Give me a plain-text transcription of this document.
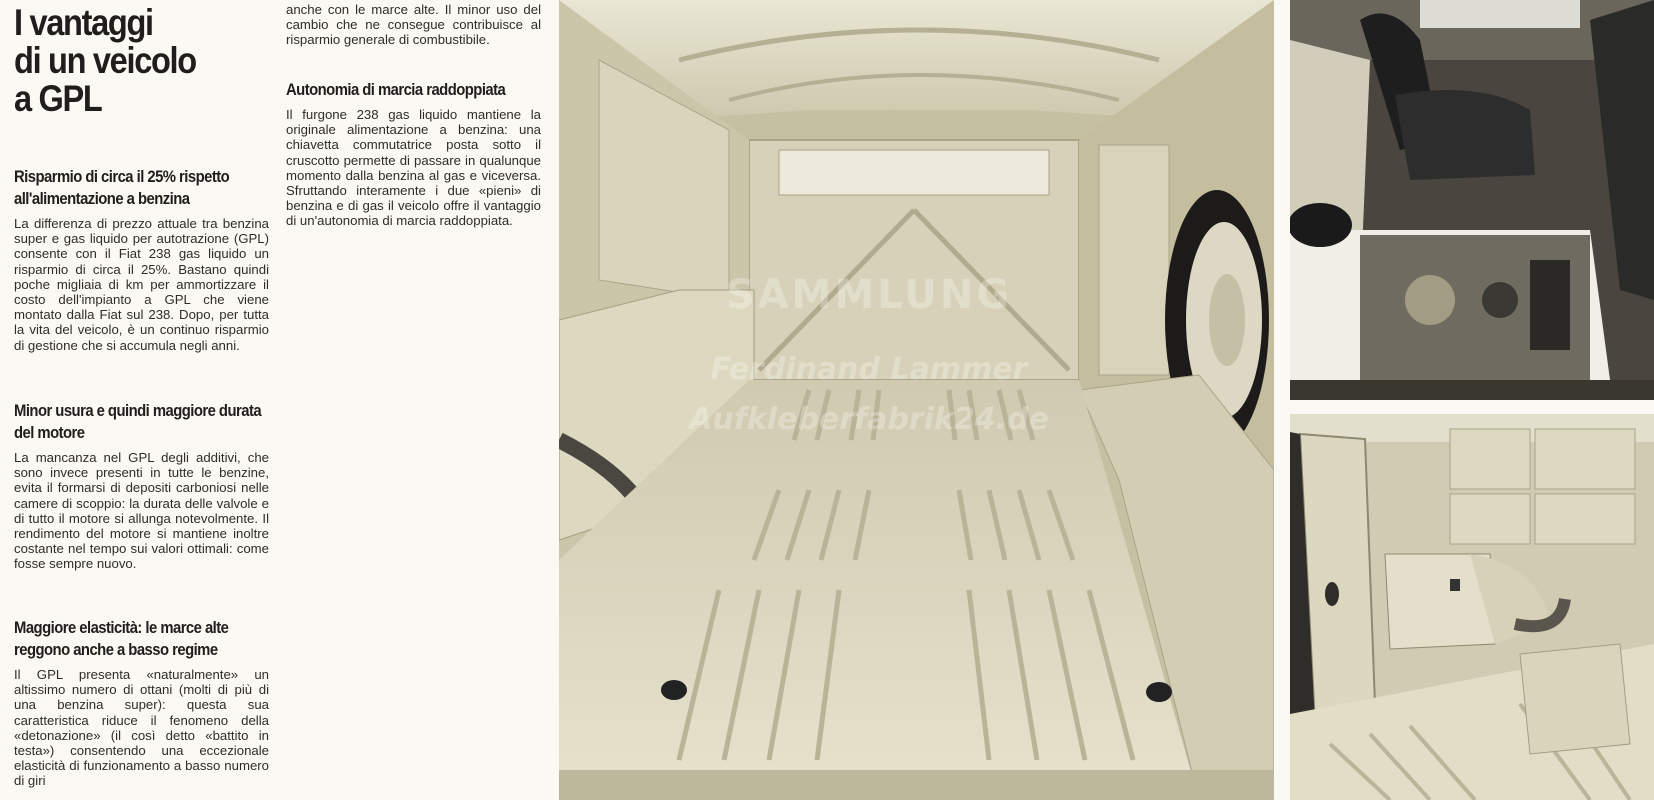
I vantaggi
di un veicolo
a GPL
Risparmio di circa il 25% rispetto all'alimentazione a benzina

La differenza di prezzo attuale tra benzina super e gas liquido per autotrazione (GPL) consente con il Fiat 238 gas liquido un risparmio di circa il 25%. Bastano quindi poche migliaia di km per ammortizzare il costo dell'impianto a GPL che viene montato dalla Fiat sul 238. Dopo, per tutta la vita del veicolo, è un continuo risparmio di gestione che si accumula negli anni.

Minor usura e quindi maggiore durata del motore

La mancanza nel GPL degli additivi, che sono invece presenti in tutte le benzine, evita il formarsi di depositi carboniosi nelle camere di scoppio: la durata delle valvole e di tutto il motore si allunga notevolmente. Il rendimento del motore si mantiene inoltre costante nel tempo sui valori ottimali: come fosse sempre nuovo.

Maggiore elasticità: le marce alte reggono anche a basso regime

Il GPL presenta «naturalmente» un altissimo numero di ottani (molti di più di una benzina super): questa sua caratteristica riduce il fenomeno della «detonazione» (il così detto «battito in testa») consentendo una eccezionale elasticità di funzionamento a basso numero di giri

anche con le marce alte. Il minor uso del cambio che ne consegue contribuisce al risparmio generale di combustibile.

Autonomia di marcia raddoppiata

Il furgone 238 gas liquido mantiene la originale alimentazione a benzina: una chiavetta commutatrice posta sotto il cruscotto permette di passare in qualunque momento dalla benzina al gas e viceversa. Sfruttando interamente i due «pieni» di benzina e di gas il veicolo offre il vantaggio di un'autonomia di marcia raddoppiata.

SAMMLUNG
Ferdinand Lammer
Aufkleberfabrik24.de
